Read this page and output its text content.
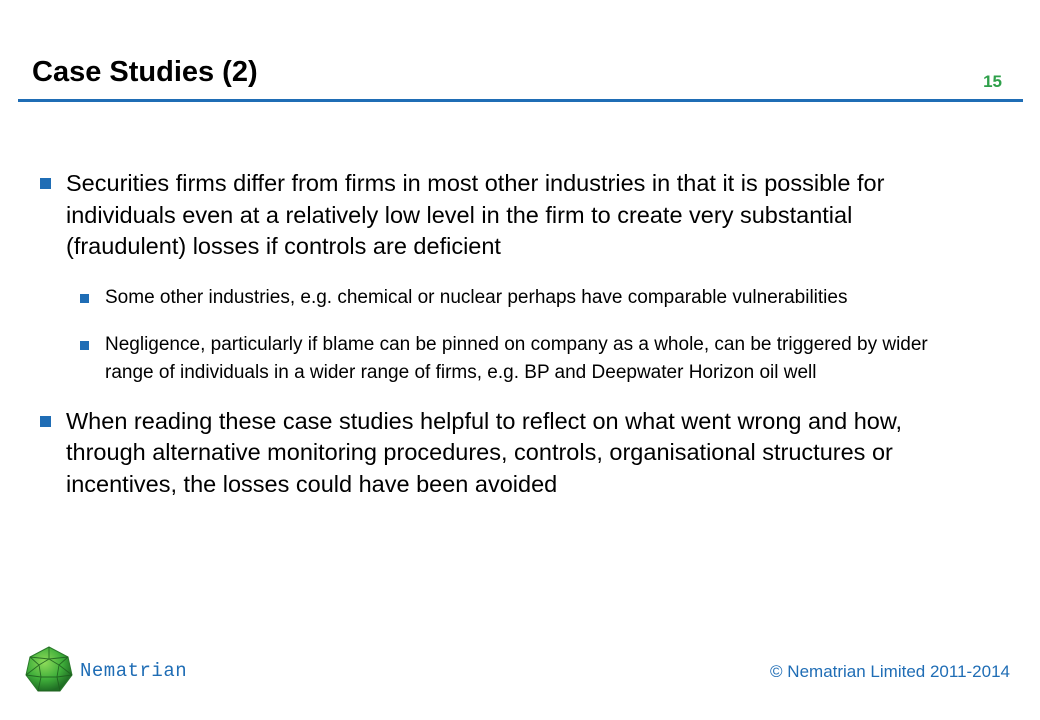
Case Studies (2)	15
Securities firms differ from firms in most other industries in that it is possible for individuals even at a relatively low level in the firm to create very substantial (fraudulent) losses if controls are deficient
Some other industries, e.g. chemical or nuclear perhaps have comparable vulnerabilities
Negligence, particularly if blame can be pinned on company as a whole, can be triggered by wider range of individuals in a wider range of firms, e.g. BP and Deepwater Horizon oil well
When reading these case studies helpful to reflect on what went wrong and how, through alternative monitoring procedures, controls, organisational structures or incentives, the losses could have been avoided
Nematrian	© Nematrian Limited 2011-2014
